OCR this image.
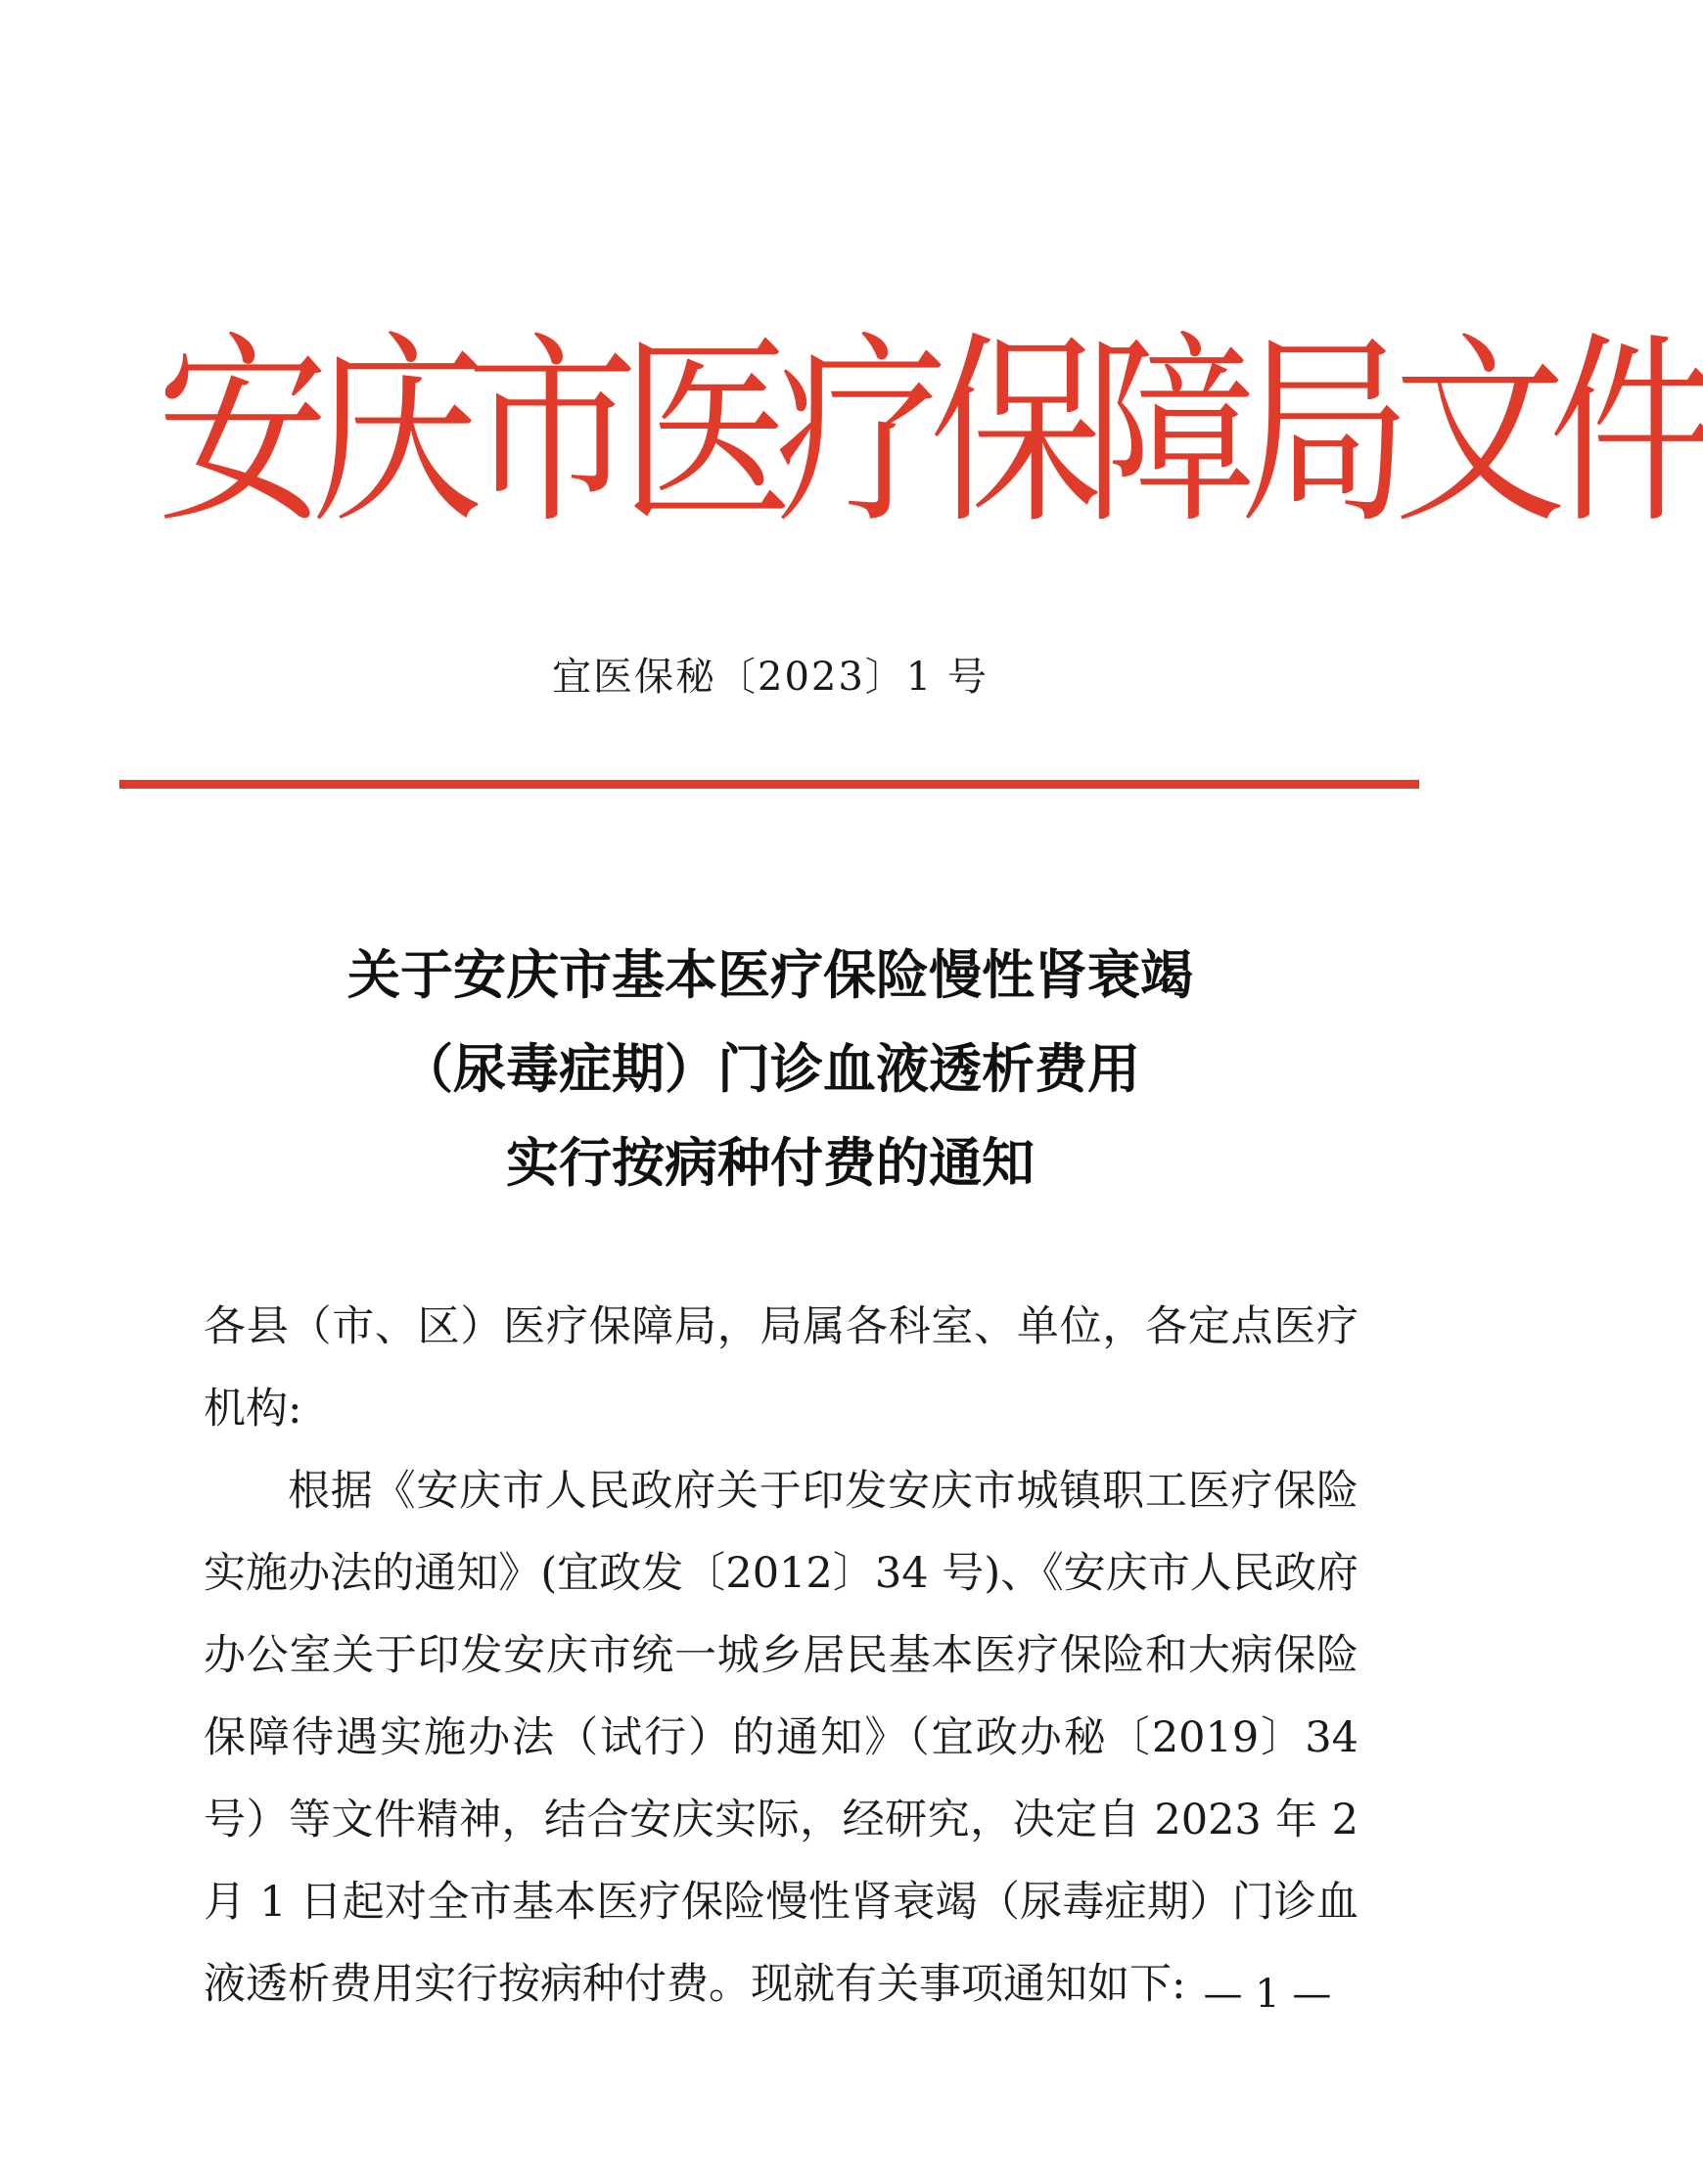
安庆市医疗保障局文件
宜医保秘〔2023〕1 号
关于安庆市基本医疗保险慢性肾衰竭
（尿毒症期）门诊血液透析费用
实行按病种付费的通知

各县（市、区）医疗保障局，局属各科室、单位，各定点医疗机构:

根据《安庆市人民政府关于印发安庆市城镇职工医疗保险实施办法的通知》(宜政发〔2012〕34 号)、《安庆市人民政府办公室关于印发安庆市统一城乡居民基本医疗保险和大病保险保障待遇实施办法（试行）的通知》（宜政办秘〔2019〕34 号）等文件精神，结合安庆实际，经研究，决定自 2023 年 2 月 1 日起对全市基本医疗保险慢性肾衰竭（尿毒症期）门诊血液透析费用实行按病种付费。现就有关事项通知如下: — 1 —
